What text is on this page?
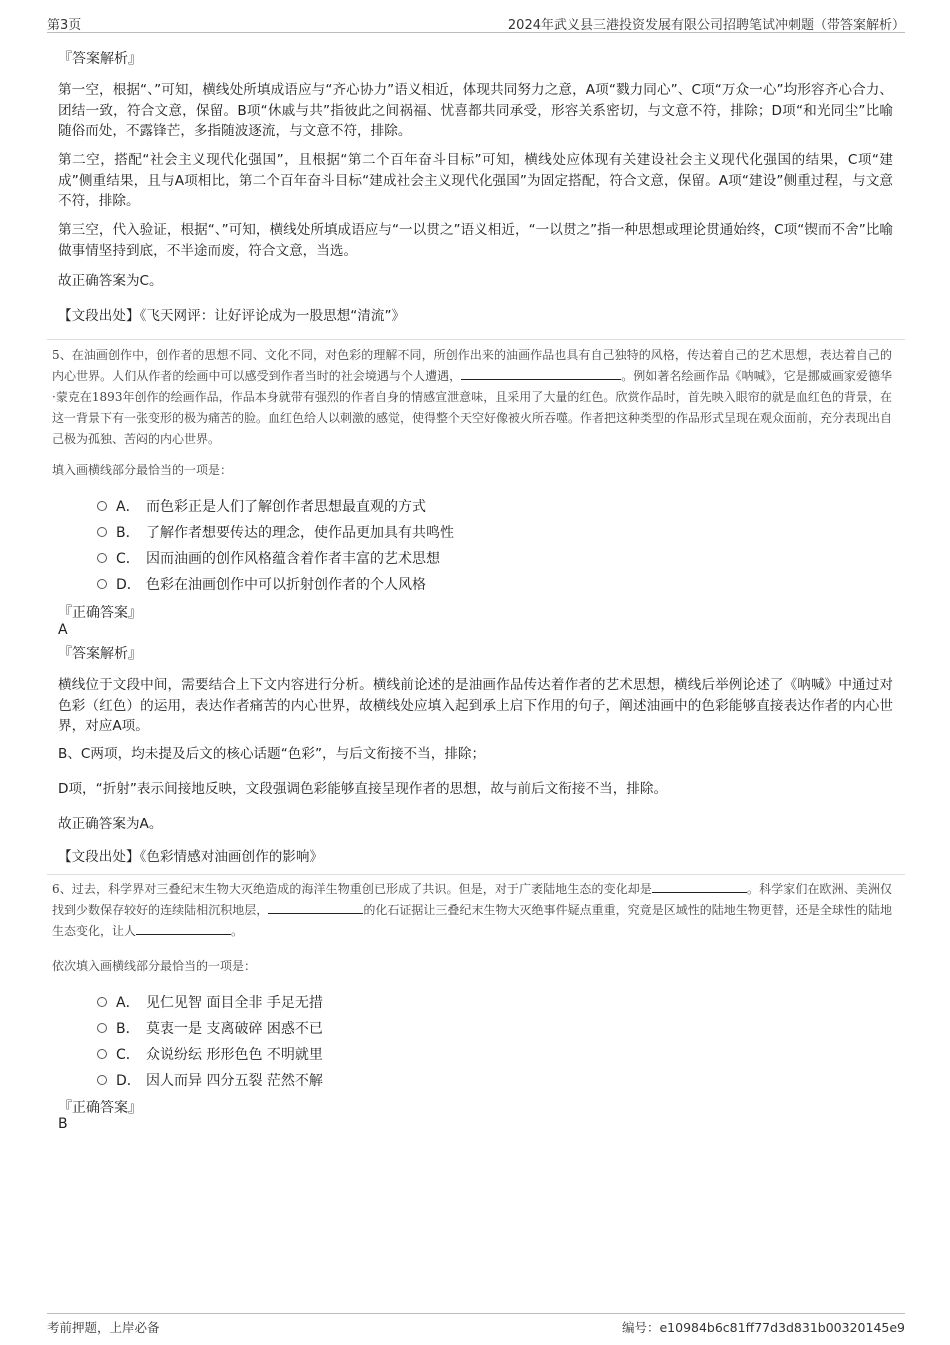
第3页	2024年武义县三港投资发展有限公司招聘笔试冲刺题（带答案解析）
『答案解析』
第一空，根据“、”可知，横线处所填成语应与“齐心协力”语义相近，体现共同努力之意，A项“戮力同心”、C项“万众一心”均形容齐心合力、团结一致，符合文意，保留。B项“休戚与共”指彼此之间祸福、忧喜都共同承受，形容关系密切，与文意不符，排除；D项“和光同尘”比喻随俗而处，不露锋芒，多指随波逐流，与文意不符，排除。
第二空，搭配“社会主义现代化强国”，且根据“第二个百年奋斗目标”可知，横线处应体现有关建设社会主义现代化强国的结果，C项“建成”侧重结果，且与A项相比，第二个百年奋斗目标“建成社会主义现代化强国”为固定搭配，符合文意，保留。A项“建设”侧重过程，与文意不符，排除。
第三空，代入验证，根据“、”可知，横线处所填成语应与“一以贯之”语义相近，“一以贯之”指一种思想或理论贯通始终，C项“锲而不舍”比喻做事情坚持到底，不半途而废，符合文意，当选。
故正确答案为C。
【文段出处】《飞天网评：让好评论成为一股思想“清流”》
5、在油画创作中，创作者的思想不同、文化不同，对色彩的理解不同，所创作出来的油画作品也具有自己独特的风格，传达着自己的艺术思想，表达着自己的内心世界。人们从作者的绘画中可以感受到作者当时的社会境遇与个人遭遇，	。例如著名绘画作品《呐喊》，它是挪威画家爱德华·蒙克在1893年创作的绘画作品，作品本身就带有强烈的作者自身的情感宣泄意味，且采用了大量的红色。欣赏作品时，首先映入眼帘的就是血红色的背景，在这一背景下有一张变形的极为痛苦的脸。血红色给人以刺激的感觉，使得整个天空好像被火所吞噬。作者把这种类型的作品形式呈现在观众面前，充分表现出自己极为孤独、苦闷的内心世界。
填入画横线部分最恰当的一项是：
A． 而色彩正是人们了解创作者思想最直观的方式
B． 了解作者想要传达的理念，使作品更加具有共鸣性
C． 因而油画的创作风格蕴含着作者丰富的艺术思想
D． 色彩在油画创作中可以折射创作者的个人风格
『正确答案』
A
『答案解析』
横线位于文段中间，需要结合上下文内容进行分析。横线前论述的是油画作品传达着作者的艺术思想，横线后举例论述了《呐喊》中通过对色彩（红色）的运用，表达作者痛苦的内心世界，故横线处应填入起到承上启下作用的句子，阐述油画中的色彩能够直接表达作者的内心世界，对应A项。
B、C两项，均未提及后文的核心话题“色彩”，与后文衔接不当，排除；
D项，“折射”表示间接地反映，文段强调色彩能够直接呈现作者的思想，故与前后文衔接不当，排除。
故正确答案为A。
【文段出处】《色彩情感对油画创作的影响》
6、过去，科学界对三叠纪末生物大灭绝造成的海洋生物重创已形成了共识。但是，对于广袤陆地生态的变化却是	。科学家们在欧洲、美洲仅找到少数保存较好的连续陆相沉积地层，	的化石证据让三叠纪末生物大灭绝事件疑点重重，究竟是区域性的陆地生物更替，还是全球性的陆地生态变化，让人	。
依次填入画横线部分最恰当的一项是：
A． 见仁见智 面目全非 手足无措
B． 莫衷一是 支离破碎 困惑不已
C． 众说纷纭 形形色色 不明就里
D． 因人而异 四分五裂 茫然不解
『正确答案』
B
考前押题，上岸必备	编号：e10984b6c81ff77d3d831b00320145e9
